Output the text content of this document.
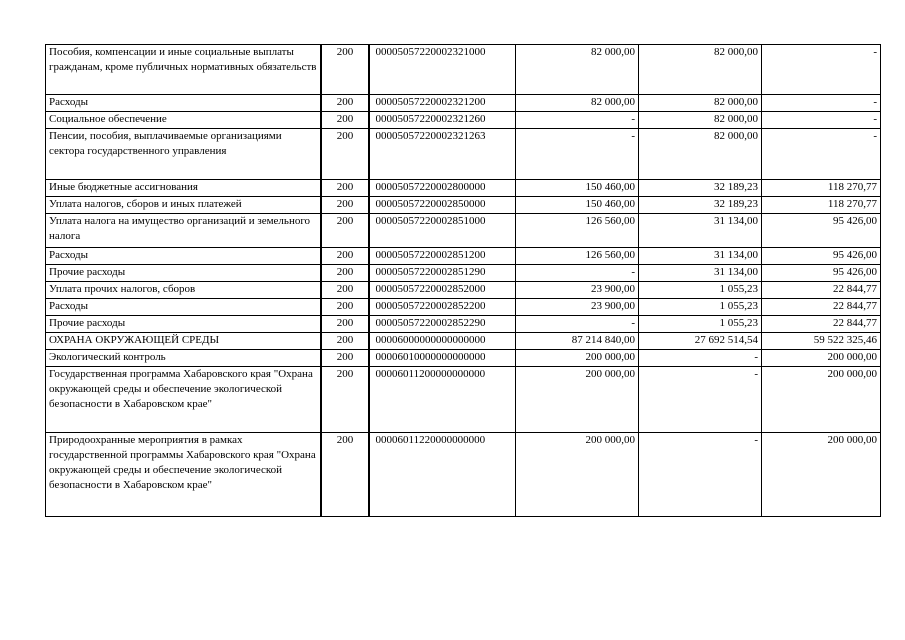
Пособия, компенсации и иные социальные выплаты гражданам, кроме публичных нормативных обязательств	200	00005057220002321000	82 000,00	82 000,00	-
Расходы	200	00005057220002321200	82 000,00	82 000,00	-
Социальное обеспечение	200	00005057220002321260	-	82 000,00	-
Пенсии, пособия, выплачиваемые организациями сектора государственного управления	200	00005057220002321263	-	82 000,00	-
Иные бюджетные ассигнования	200	00005057220002800000	150 460,00	32 189,23	118 270,77
Уплата налогов, сборов и иных платежей	200	00005057220002850000	150 460,00	32 189,23	118 270,77
Уплата налога на имущество организаций и земельного налога	200	00005057220002851000	126 560,00	31 134,00	95 426,00
Расходы	200	00005057220002851200	126 560,00	31 134,00	95 426,00
Прочие расходы	200	00005057220002851290	-	31 134,00	95 426,00
Уплата прочих налогов, сборов	200	00005057220002852000	23 900,00	1 055,23	22 844,77
Расходы	200	00005057220002852200	23 900,00	1 055,23	22 844,77
Прочие расходы	200	00005057220002852290	-	1 055,23	22 844,77
ОХРАНА ОКРУЖАЮЩЕЙ СРЕДЫ	200	00006000000000000000	87 214 840,00	27 692 514,54	59 522 325,46
Экологический контроль	200	00006010000000000000	200 000,00	-	200 000,00
Государственная программа Хабаровского края "Охрана окружающей среды и обеспечение экологической безопасности в Хабаровском крае"	200	00006011200000000000	200 000,00	-	200 000,00
Природоохранные мероприятия в рамках государственной программы Хабаровского края "Охрана окружающей среды и обеспечение экологической безопасности в Хабаровском крае"	200	00006011220000000000	200 000,00	-	200 000,00
